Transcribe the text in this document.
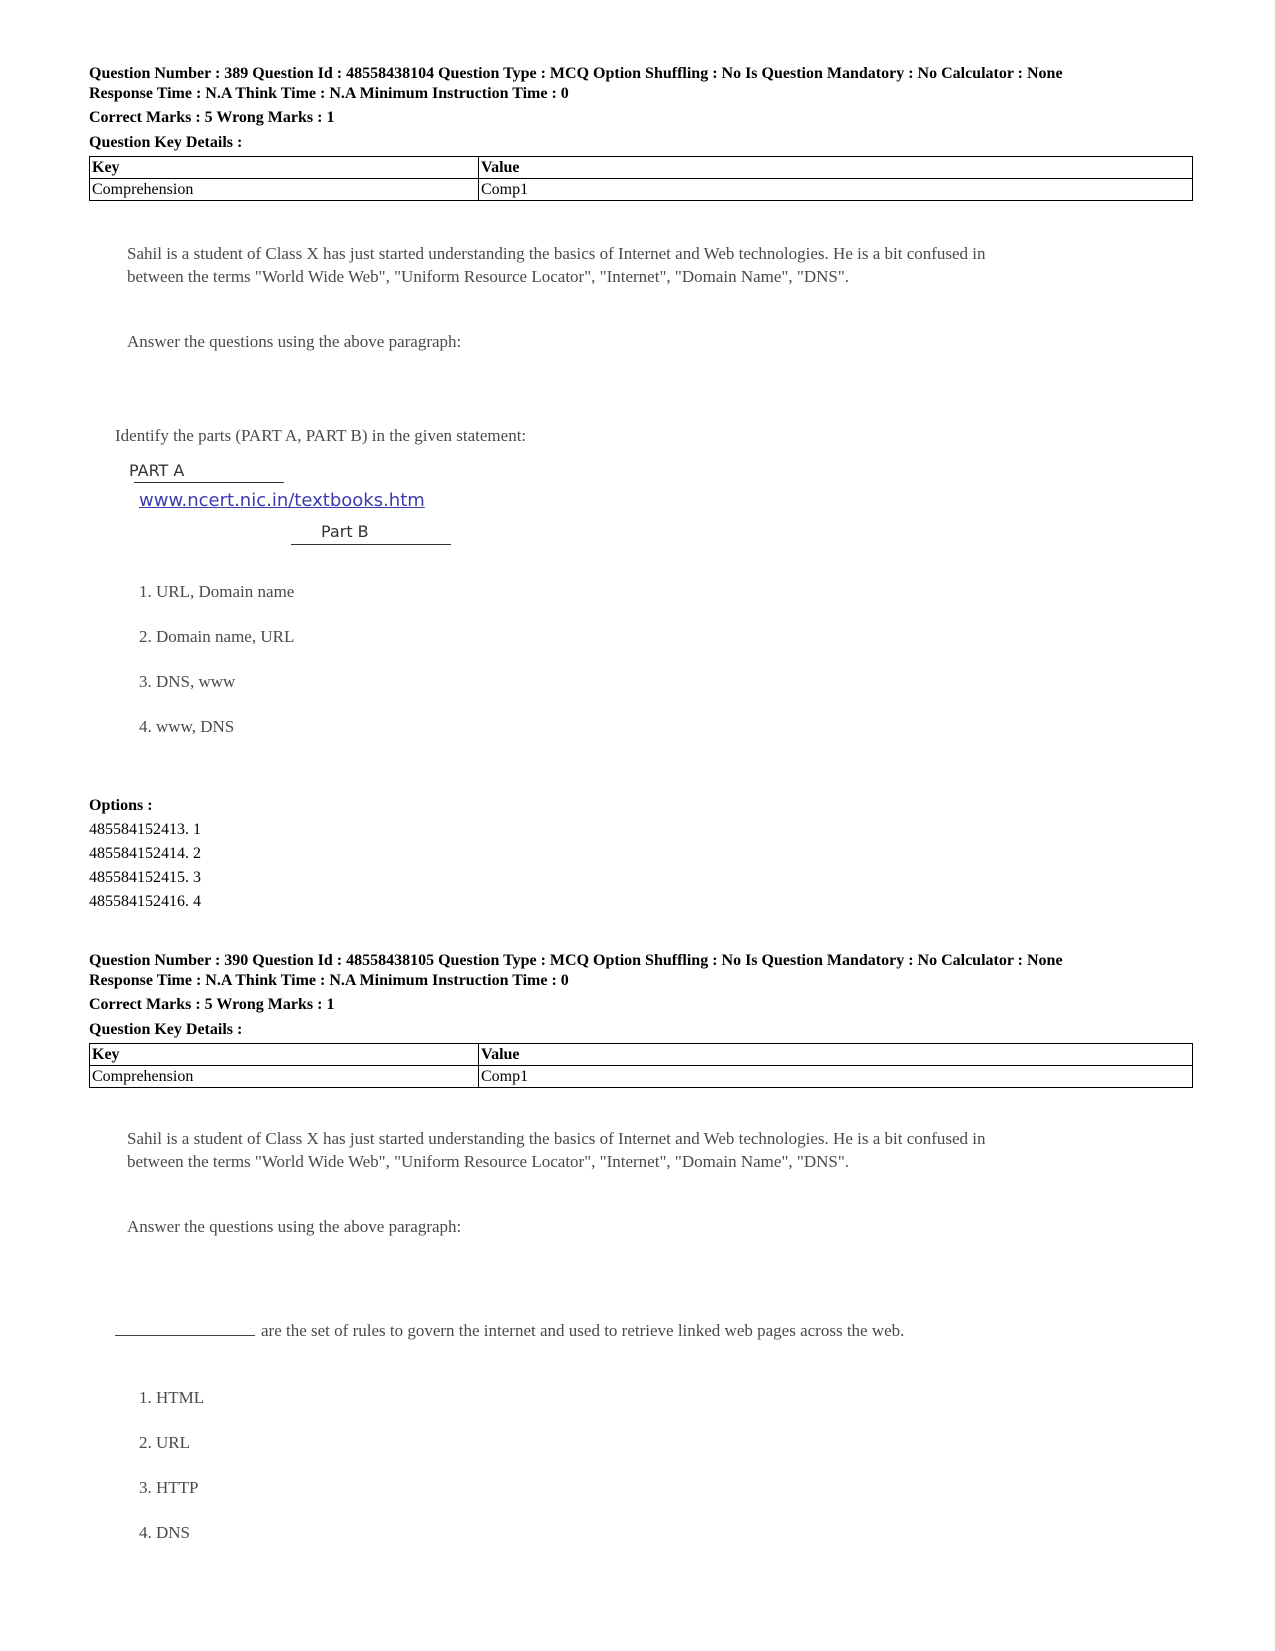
Question Number : 389 Question Id : 48558438104 Question Type : MCQ Option Shuffling : No Is Question Mandatory : No Calculator : None
Response Time : N.A Think Time : N.A Minimum Instruction Time : 0
Correct Marks : 5 Wrong Marks : 1
Question Key Details :
Key	Value
Comprehension	Comp1
Sahil is a student of Class X has just started understanding the basics of Internet and Web technologies. He is a bit confused in between the terms "World Wide Web", "Uniform Resource Locator", "Internet", "Domain Name", "DNS".
Answer the questions using the above paragraph:
Identify the parts (PART A, PART B) in the given statement:
PART A
www.ncert.nic.in/textbooks.htm
Part B
1. URL, Domain name
2. Domain name, URL
3. DNS, www
4. www, DNS
Options :
485584152413. 1
485584152414. 2
485584152415. 3
485584152416. 4
Question Number : 390 Question Id : 48558438105 Question Type : MCQ Option Shuffling : No Is Question Mandatory : No Calculator : None
Response Time : N.A Think Time : N.A Minimum Instruction Time : 0
Correct Marks : 5 Wrong Marks : 1
Question Key Details :
Key	Value
Comprehension	Comp1
Sahil is a student of Class X has just started understanding the basics of Internet and Web technologies. He is a bit confused in between the terms "World Wide Web", "Uniform Resource Locator", "Internet", "Domain Name", "DNS".
Answer the questions using the above paragraph:
are the set of rules to govern the internet and used to retrieve linked web pages across the web.
1. HTML
2. URL
3. HTTP
4. DNS
